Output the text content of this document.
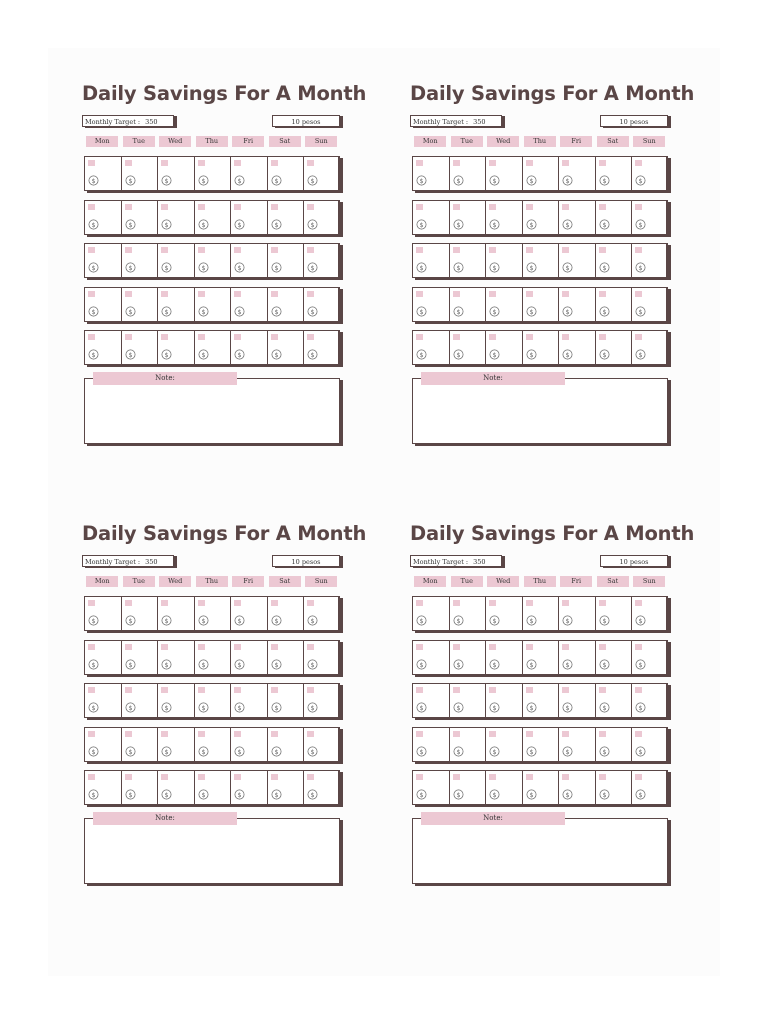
Daily Savings For A Month
Monthly Target : 350	10 pesos
Mon	Tue	Wed	Thu	Fri	Sat	Sun
$	$	$	$	$	$	$
$	$	$	$	$	$	$
$	$	$	$	$	$	$
$	$	$	$	$	$	$
$	$	$	$	$	$	$
Note:
Daily Savings For A Month
Monthly Target : 350	10 pesos
Mon	Tue	Wed	Thu	Fri	Sat	Sun
$	$	$	$	$	$	$
$	$	$	$	$	$	$
$	$	$	$	$	$	$
$	$	$	$	$	$	$
$	$	$	$	$	$	$
Note:
Daily Savings For A Month
Monthly Target : 350	10 pesos
Mon	Tue	Wed	Thu	Fri	Sat	Sun
$	$	$	$	$	$	$
$	$	$	$	$	$	$
$	$	$	$	$	$	$
$	$	$	$	$	$	$
$	$	$	$	$	$	$
Note:
Daily Savings For A Month
Monthly Target : 350	10 pesos
Mon	Tue	Wed	Thu	Fri	Sat	Sun
$	$	$	$	$	$	$
$	$	$	$	$	$	$
$	$	$	$	$	$	$
$	$	$	$	$	$	$
$	$	$	$	$	$	$
Note:
